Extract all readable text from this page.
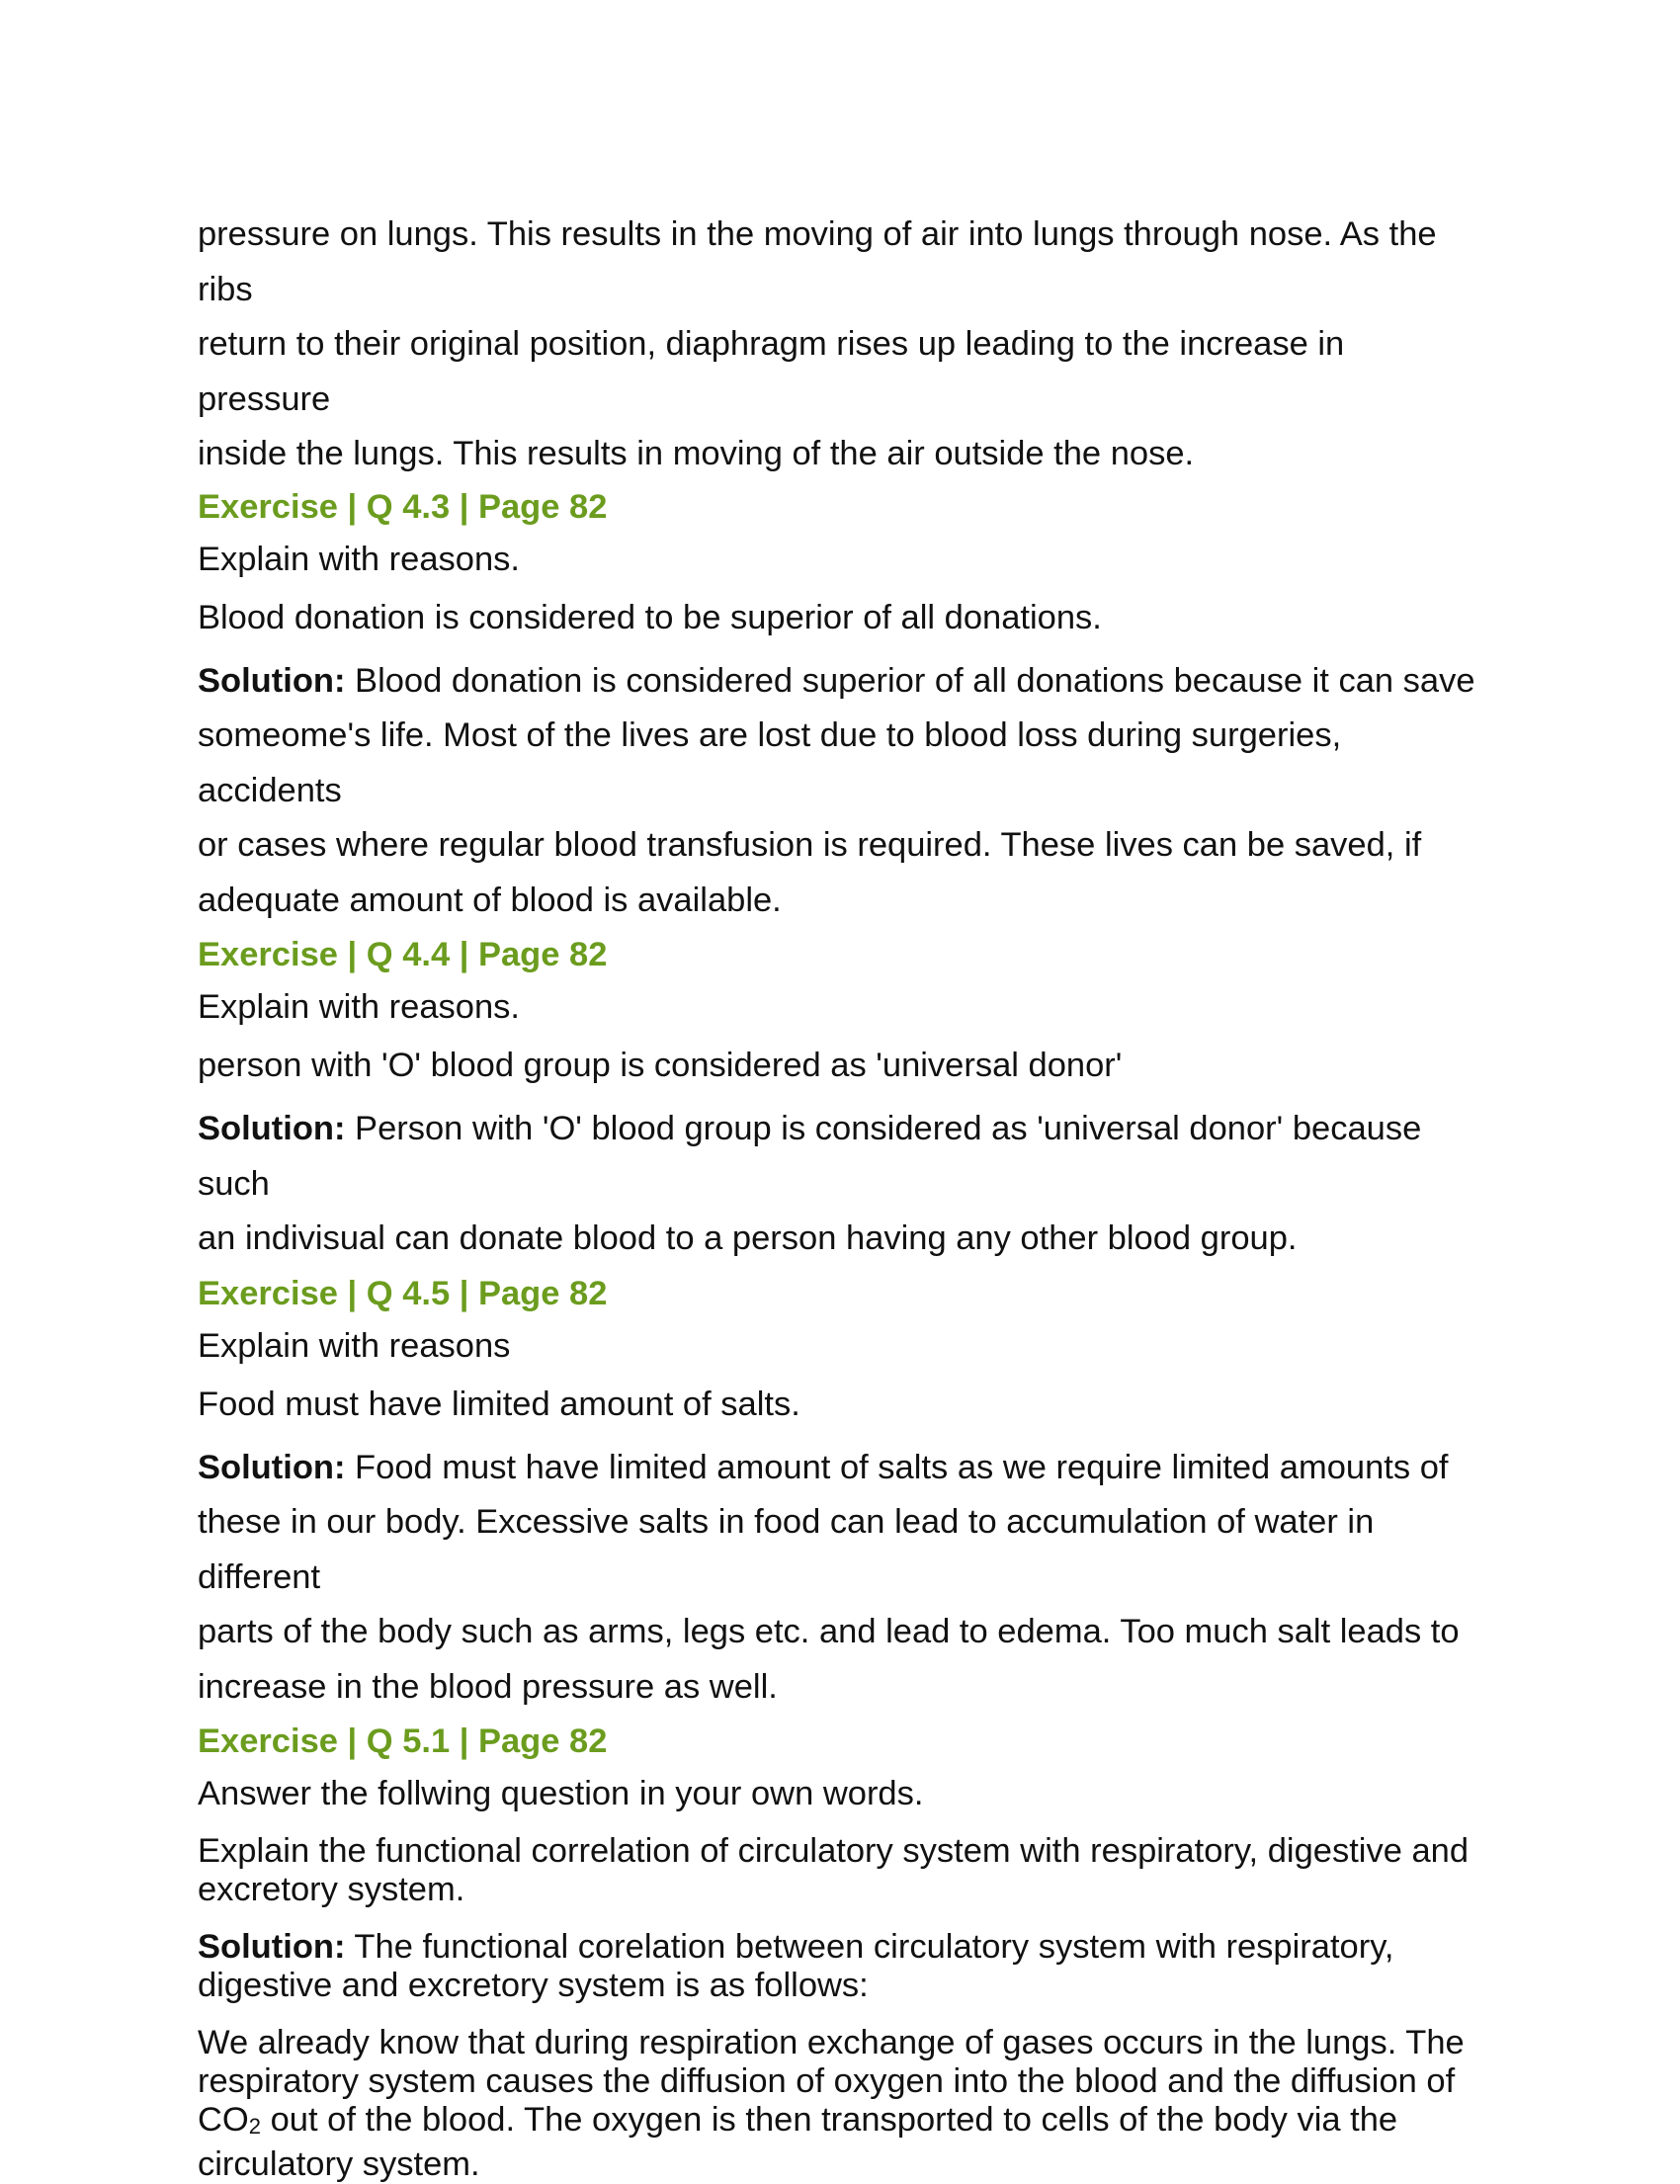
pressure on lungs. This results in the moving of air into lungs through nose. As the ribs

return to their original position, diaphragm rises up leading to the increase in pressure

inside the lungs. This results in moving of the air outside the nose.

Exercise | Q 4.3 | Page 82

Explain with reasons.

Blood donation is considered to be superior of all donations.

Solution: Blood donation is considered superior of all donations because it can save

someome's life. Most of the lives are lost due to blood loss during surgeries, accidents

or cases where regular blood transfusion is required. These lives can be saved, if

adequate amount of blood is available.

Exercise | Q 4.4 | Page 82

Explain with reasons.

person with 'O' blood group is considered as 'universal donor'

Solution: Person with 'O' blood group is considered as 'universal donor' because such

an indivisual can donate blood to a person having any other blood group.

Exercise | Q 4.5 | Page 82

Explain with reasons

Food must have limited amount of salts.

Solution: Food must have limited amount of salts as we require limited amounts of

these in our body. Excessive salts in food can lead to accumulation of water in different

parts of the body such as arms, legs etc. and lead to edema. Too much salt leads to

increase in the blood pressure as well.

Exercise | Q 5.1 | Page 82

Answer the follwing question in your own words.

Explain the functional correlation of circulatory system with respiratory, digestive and

excretory system.

Solution: The functional corelation between circulatory system with respiratory,

digestive and excretory system is as follows:

We already know that during respiration exchange of gases occurs in the lungs. The

respiratory system causes the diffusion of oxygen into the blood and the diffusion of

$CO_2$ out of the blood. The oxygen is then transported to cells of the body via the

circulatory system.
